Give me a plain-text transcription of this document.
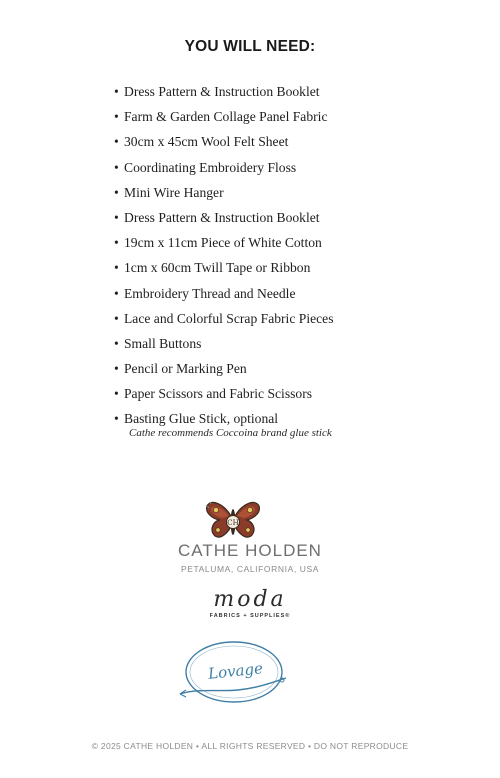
YOU WILL NEED:
• Dress Pattern & Instruction Booklet
• Farm & Garden Collage Panel Fabric
• 30cm x 45cm Wool Felt Sheet
• Coordinating Embroidery Floss
• Mini Wire Hanger
• Dress Pattern & Instruction Booklet
• 19cm x 11cm Piece of White Cotton
• 1cm x 60cm Twill Tape or Ribbon
• Embroidery Thread and Needle
• Lace and Colorful Scrap Fabric Pieces
• Small Buttons
• Pencil or Marking Pen
• Paper Scissors and Fabric Scissors
• Basting Glue Stick, optional
Cathe recommends Coccoina brand glue stick
CH
CATHE HOLDEN
PETALUMA, CALIFORNIA, USA
moda
FABRICS + SUPPLIES®
Lovage
© 2025 CATHE HOLDEN • ALL RIGHTS RESERVED • DO NOT REPRODUCE
